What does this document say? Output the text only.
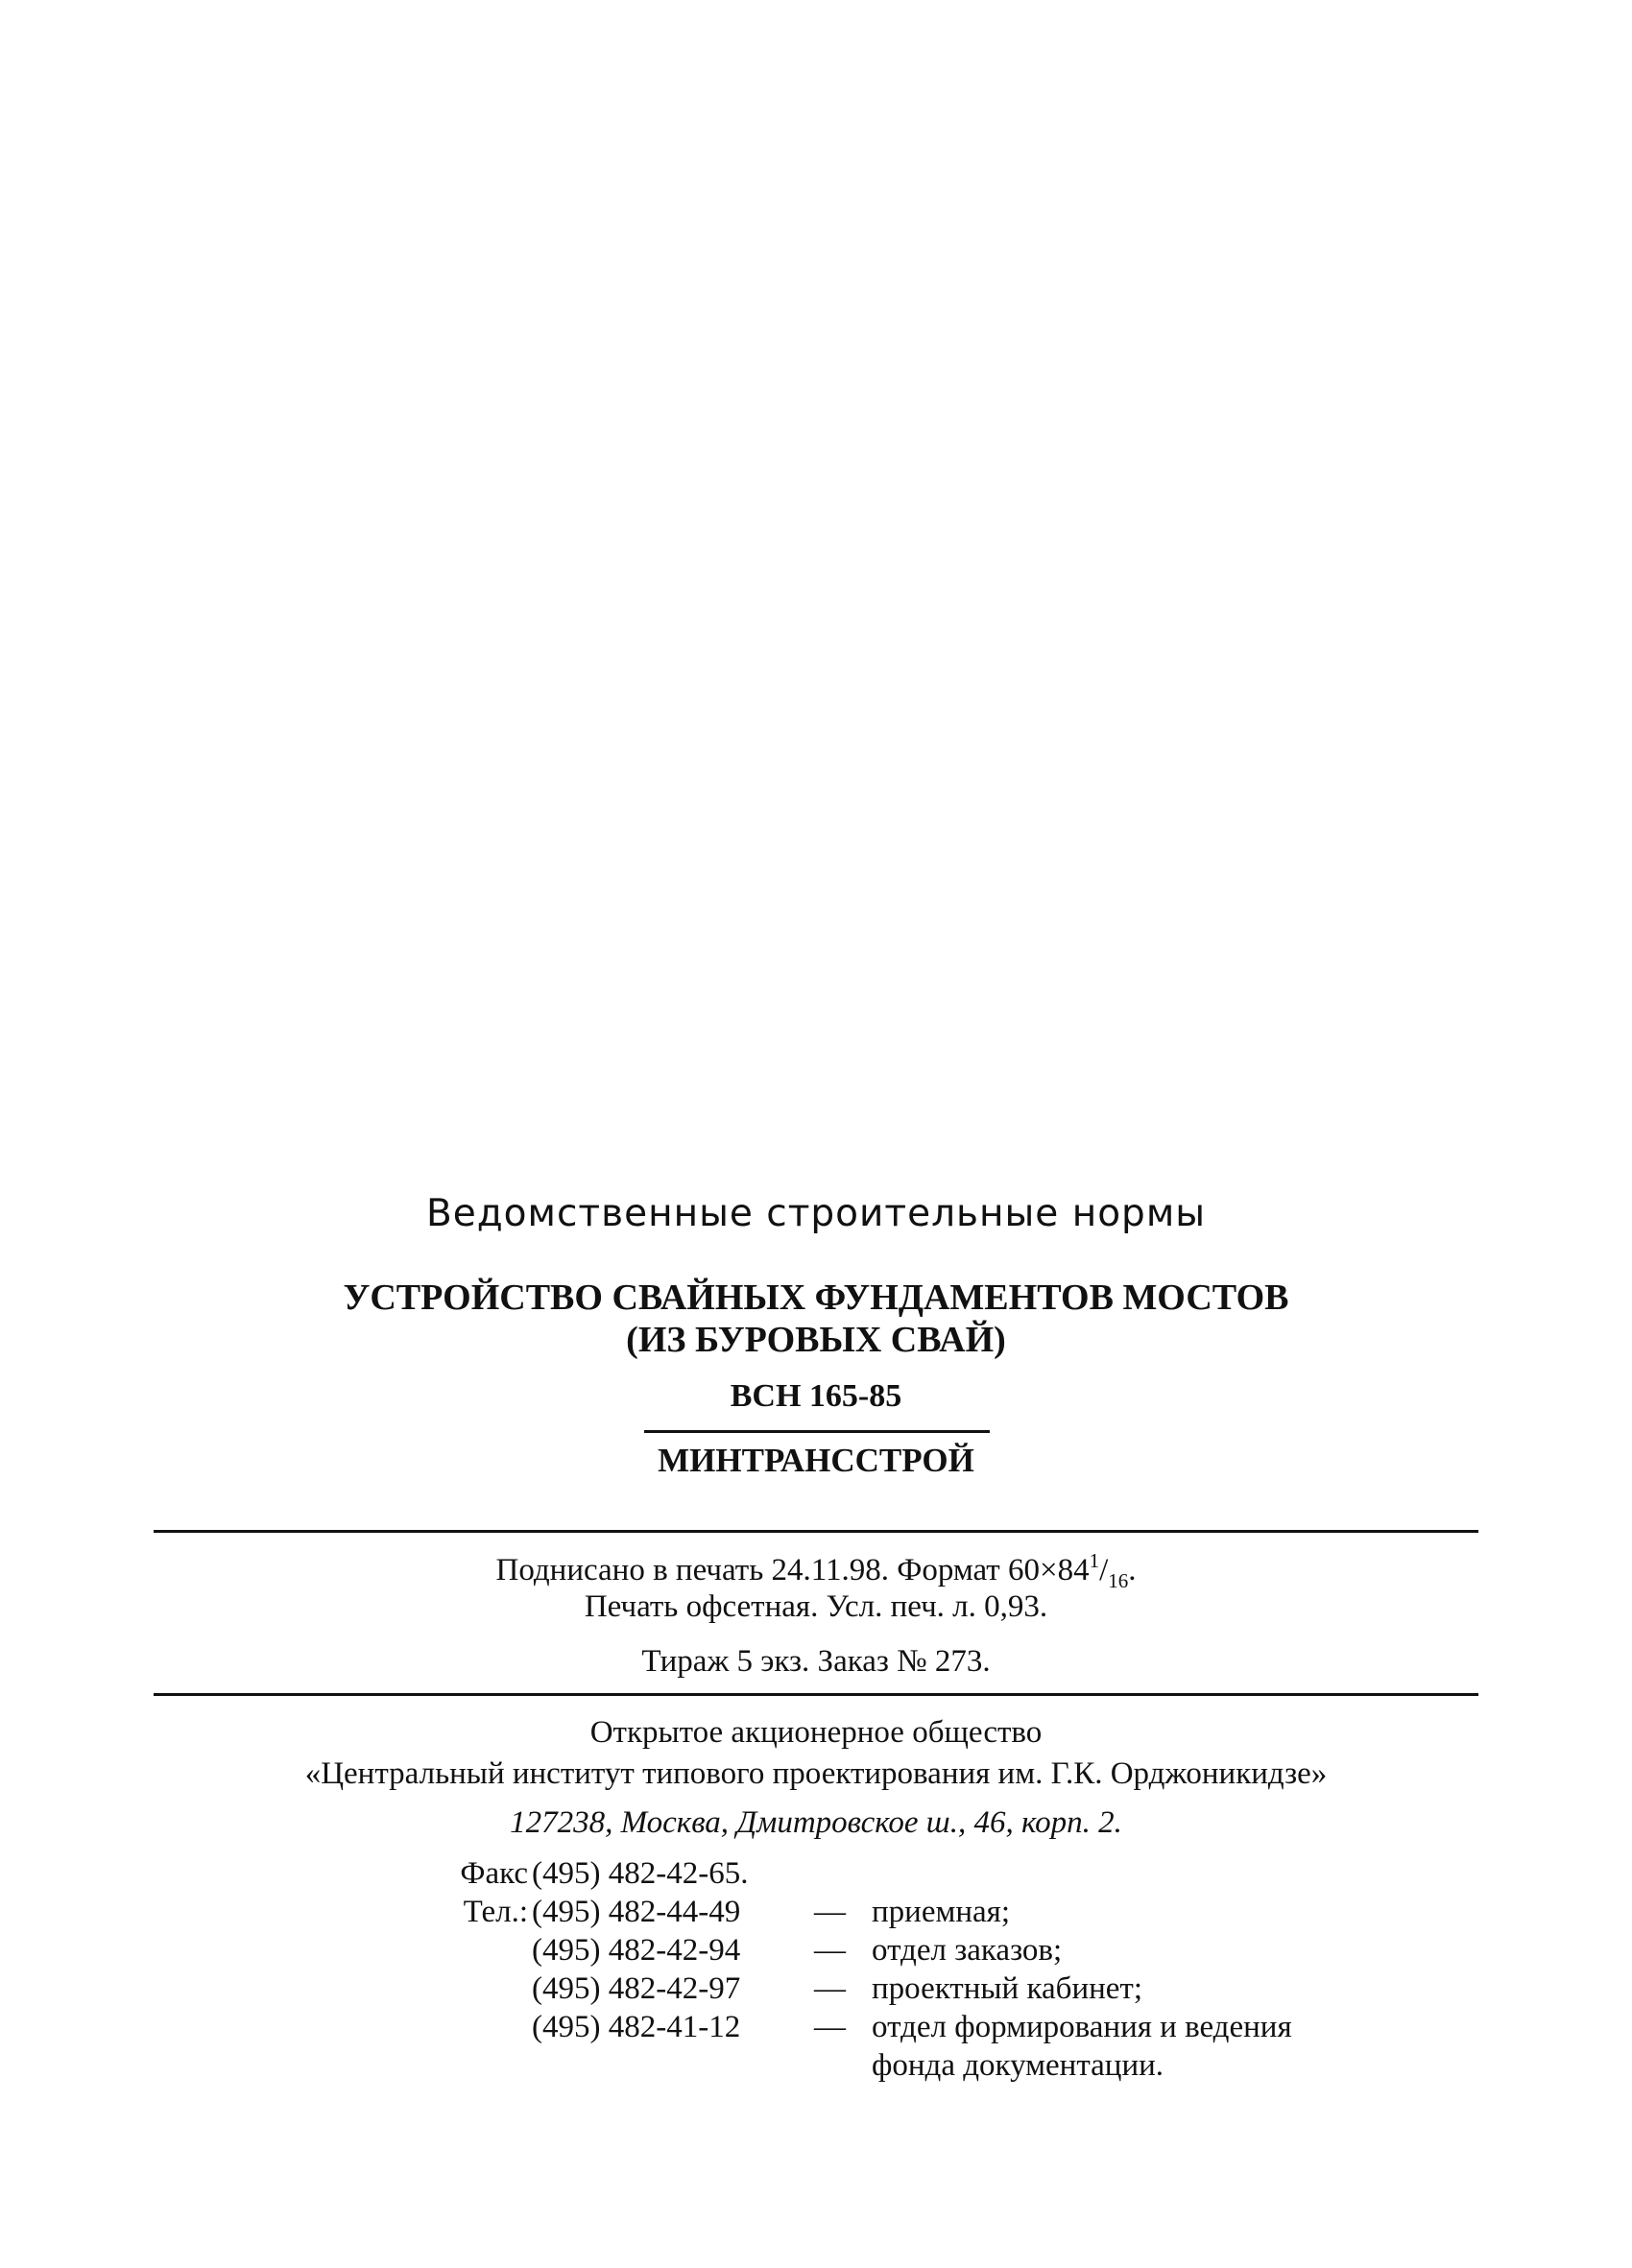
Ведомственные строительные нормы
УСТРОЙСТВО СВАЙНЫХ ФУНДАМЕНТОВ МОСТОВ
(ИЗ БУРОВЫХ СВАЙ)
ВСН 165-85
МИНТРАНССТРОЙ
Поднисано в печать 24.11.98. Формат $60\times 84^1/_{16}$.
Печать офсетная. Усл. печ. л. 0,93.
Тираж 5 экз. Заказ № 273.
Открытое акционерное общество
«Центральный институт типового проектирования им. Г.К. Орджоникидзе»
127238, Москва, Дмитровское ш., 46, корп. 2.
Факс (495) 482-42-65.
Тел.: (495) 482-44-49 — приемная;
(495) 482-42-94 — отдел заказов;
(495) 482-42-97 — проектный кабинет;
(495) 482-41-12 — отдел формирования и ведения
фонда документации.
